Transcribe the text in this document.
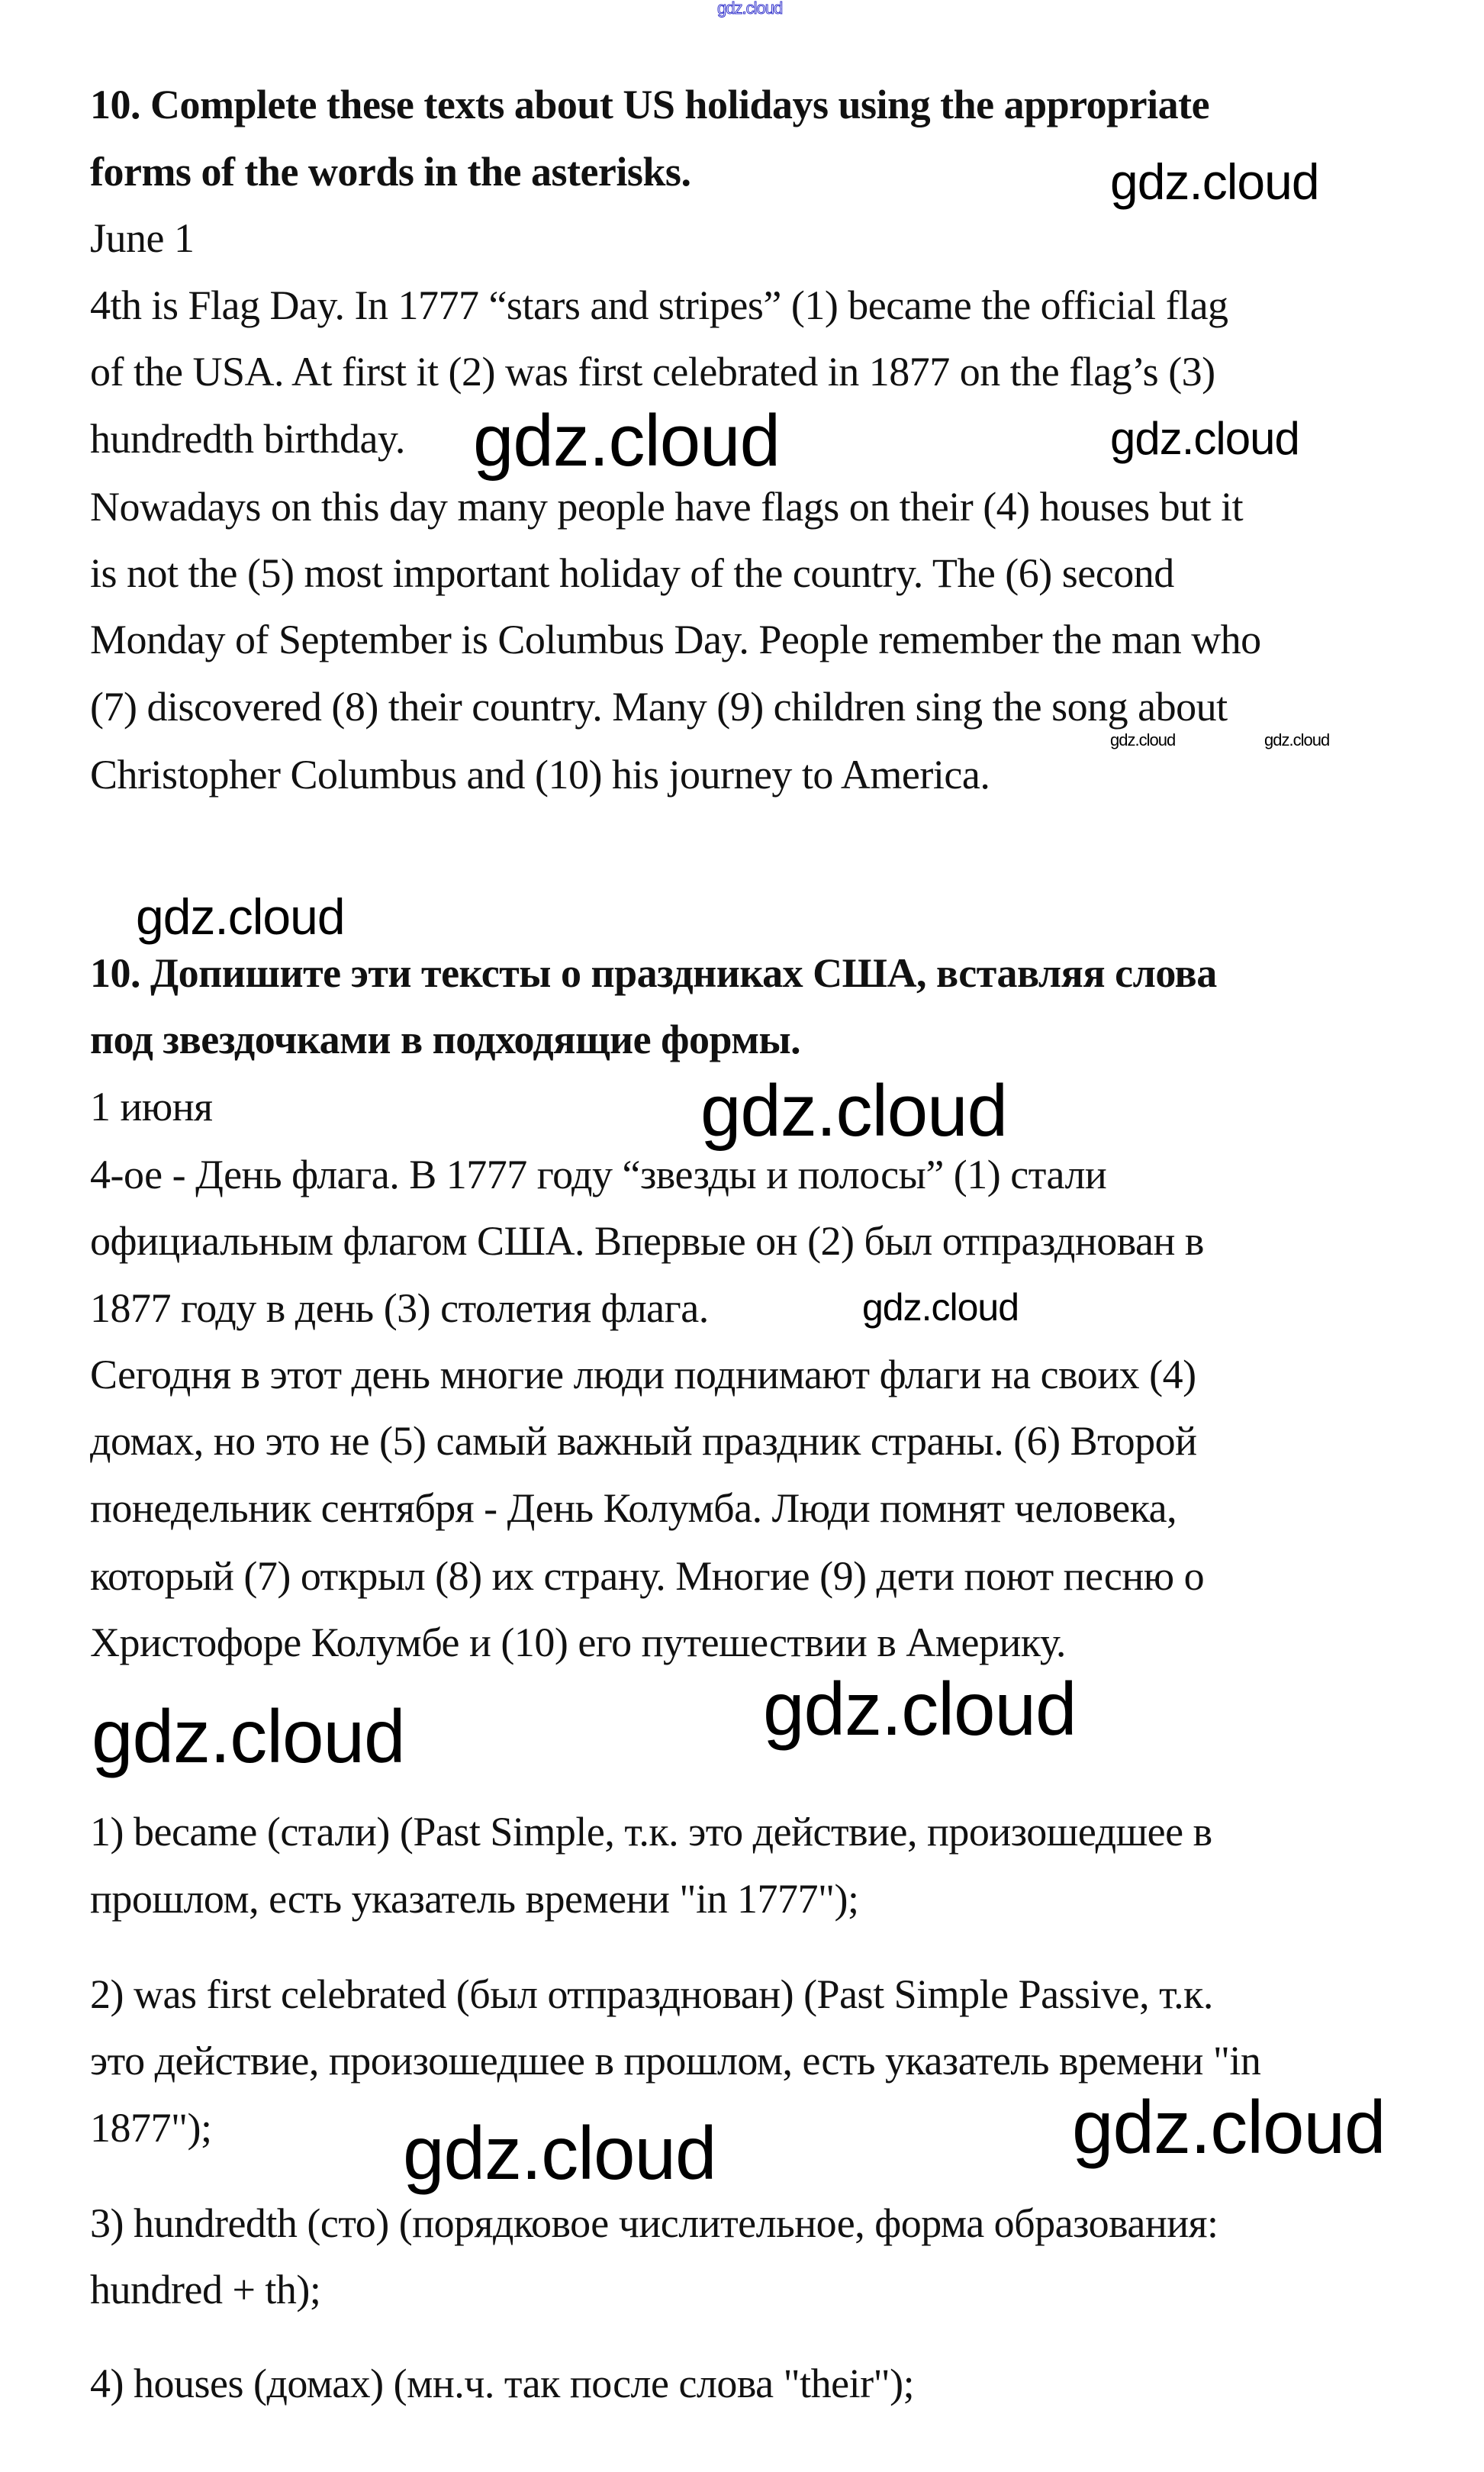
gdz.cloud
10. Complete these texts about US holidays using the appropriate
forms of the words in the asterisks.
June 1
4th is Flag Day. In 1777 “stars and stripes” (1) became the official flag
of the USA. At first it (2) was first celebrated in 1877 on the flag’s (3)
hundredth birthday.
Nowadays on this day many people have flags on their (4) houses but it
is not the (5) most important holiday of the country. The (6) second
Monday of September is Columbus Day. People remember the man who
(7) discovered (8) their country. Many (9) children sing the song about
Christopher Columbus and (10) his journey to America.
10. Допишите эти тексты о праздниках США, вставляя слова
под звездочками в подходящие формы.
1 июня
4-ое - День флага. В 1777 году “звезды и полосы” (1) стали
официальным флагом США. Впервые он (2) был отпразднован в
1877 году в день (3) столетия флага.
Сегодня в этот день многие люди поднимают флаги на своих (4)
домах, но это не (5) самый важный праздник страны. (6) Второй
понедельник сентября - День Колумба. Люди помнят человека,
который (7) открыл (8) их страну. Многие (9) дети поют песню о
Христофоре Колумбе и (10) его путешествии в Америку.
1) became (стали) (Past Simple, т.к. это действие, произошедшее в
прошлом, есть указатель времени "in 1777");
2) was first celebrated (был отпразднован) (Past Simple Passive, т.к.
это действие, произошедшее в прошлом, есть указатель времени "in
1877");
3) hundredth (сто) (порядковое числительное, форма образования:
hundred + th);
4) houses (домах) (мн.ч. так после слова "their");
gdz.cloud
gdz.cloud	gdz.cloud
gdz.cloud	gdz.cloud
gdz.cloud
gdz.cloud
gdz.cloud
gdz.cloud
gdz.cloud
gdz.cloud
gdz.cloud
